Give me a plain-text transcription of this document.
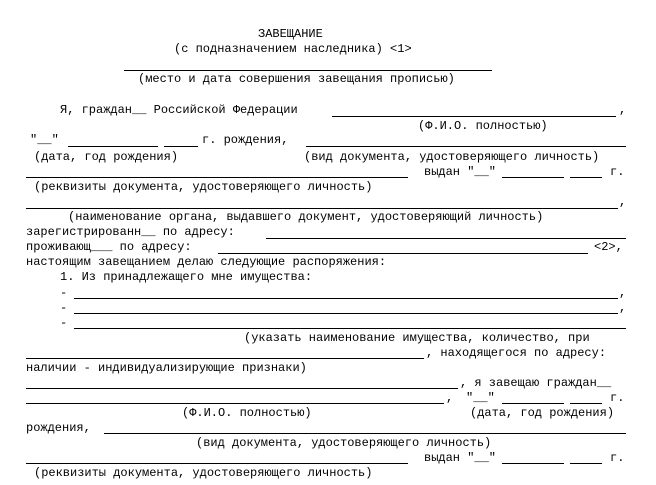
ЗАВЕЩАНИЕ
(с подназначением наследника) <1>
(место и дата совершения завещания прописью)
Я, граждан__ Российской Федерации	,
(Ф.И.О. полностью)
"__"	г. рождения,
(дата, год рождения)	(вид документа, удостоверяющего личность)
выдан "__"	г.
(реквизиты документа, удостоверяющего личность)
,
(наименование органа, выдавшего документ, удостоверяющий личность)
зарегистрированн__ по адресу:
проживающ___ по адресу:	<2>,
настоящим завещанием делаю следующие распоряжения:
1. Из принадлежащего мне имущества:
-	,
-	,
-
(указать наименование имущества, количество, при
, находящегося по адресу:
наличии - индивидуализирующие признаки)
, я завещаю граждан__
, "__"	г.
(Ф.И.О. полностью)	(дата, год рождения)
рождения,
(вид документа, удостоверяющего личность)
выдан "__"	г.
(реквизиты документа, удостоверяющего личность)
